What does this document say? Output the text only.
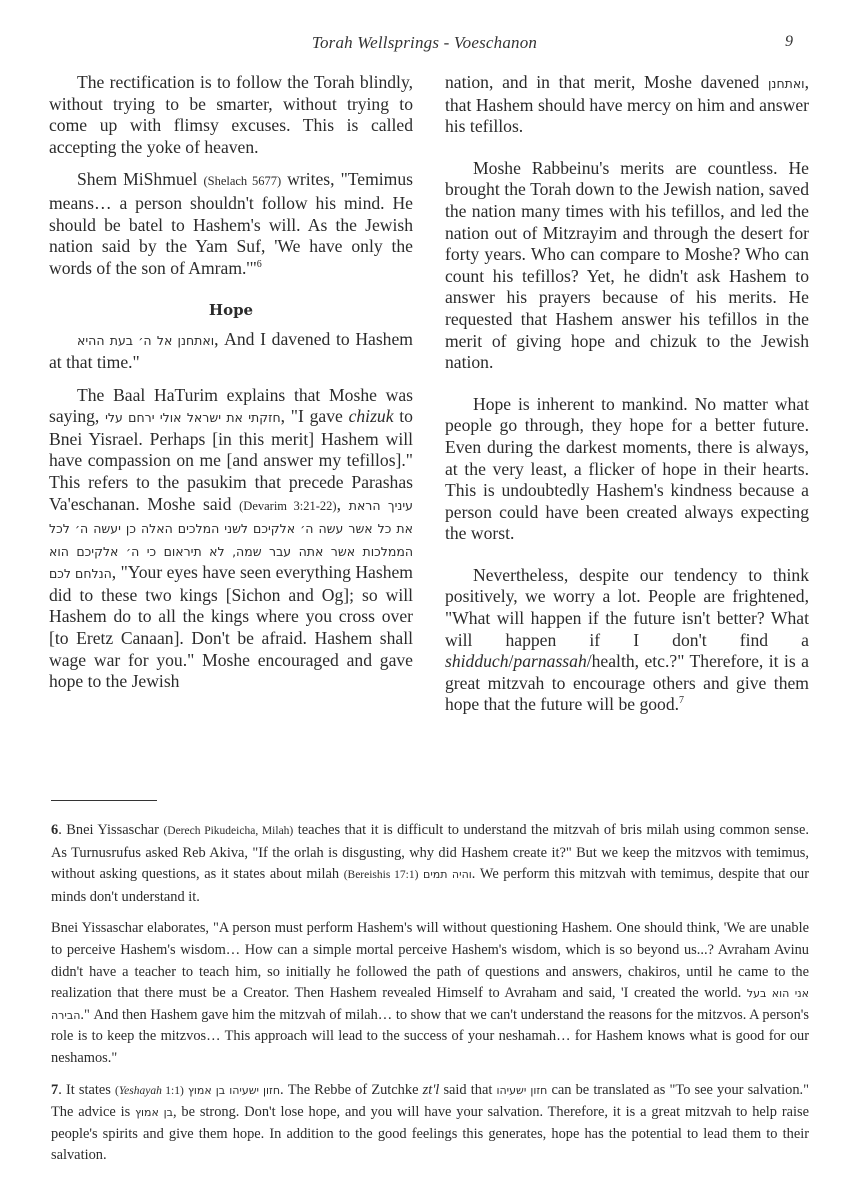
Torah Wellsprings - Voeschanon	9

The rectification is to follow the Torah blindly, without trying to be smarter, without trying to come up with flimsy excuses. This is called accepting the yoke of heaven.

Shem MiShmuel (Shelach 5677) writes, "Temimus means… a person shouldn't follow his mind. He should be batel to Hashem's will. As the Jewish nation said by the Yam Suf, 'We have only the words of the son of Amram.'"$^6$

Hope

ואתחנן אל ה׳ בעת ההיא, And I davened to Hashem at that time."

The Baal HaTurim explains that Moshe was saying, חזקתי את ישראל אולי ירחם עלי, "I gave chizuk to Bnei Yisrael. Perhaps [in this merit] Hashem will have compassion on me [and answer my tefillos]." This refers to the pasukim that precede Parashas Va'eschanan. Moshe said (Devarim 3:21-22), עיניך הראת את כל אשר עשה ה׳ אלקיכם לשני המלכים האלה כן יעשה ה׳ לכל הממלכות אשר אתה עבר שמה, לא תיראום כי ה׳ אלקיכם הוא הנלחם לכם, "Your eyes have seen everything Hashem did to these two kings [Sichon and Og]; so will Hashem do to all the kings where you cross over [to Eretz Canaan]. Don't be afraid. Hashem shall wage war for you." Moshe encouraged and gave hope to the Jewish

nation, and in that merit, Moshe davened ואתחנן, that Hashem should have mercy on him and answer his tefillos.

Moshe Rabbeinu's merits are countless. He brought the Torah down to the Jewish nation, saved the nation many times with his tefillos, and led the nation out of Mitzrayim and through the desert for forty years. Who can compare to Moshe? Who can count his tefillos? Yet, he didn't ask Hashem to answer his prayers because of his merits. He requested that Hashem answer his tefillos in the merit of giving hope and chizuk to the Jewish nation.

Hope is inherent to mankind. No matter what people go through, they hope for a better future. Even during the darkest moments, there is always, at the very least, a flicker of hope in their hearts. This is undoubtedly Hashem's kindness because a person could have been created always expecting the worst.

Nevertheless, despite our tendency to think positively, we worry a lot. People are frightened, "What will happen if the future isn't better? What will happen if I don't find a shidduch/parnassah/health, etc.?" Therefore, it is a great mitzvah to encourage others and give them hope that the future will be good.$^7$

6. Bnei Yissaschar (Derech Pikudeicha, Milah) teaches that it is difficult to understand the mitzvah of bris milah using common sense. As Turnusrufus asked Reb Akiva, "If the orlah is disgusting, why did Hashem create it?" But we keep the mitzvos with temimus, without asking questions, as it states about milah (Bereishis 17:1) והיה תמים. We perform this mitzvah with temimus, despite that our minds don't understand it.

Bnei Yissaschar elaborates, "A person must perform Hashem's will without questioning Hashem. One should think, 'We are unable to perceive Hashem's wisdom… How can a simple mortal perceive Hashem's wisdom, which is so beyond us...? Avraham Avinu didn't have a teacher to teach him, so initially he followed the path of questions and answers, chakiros, until he came to the realization that there must be a Creator. Then Hashem revealed Himself to Avraham and said, 'I created the world. אני הוא בעל הבירה." And then Hashem gave him the mitzvah of milah… to show that we can't understand the reasons for the mitzvos. A person's role is to keep the mitzvos… This approach will lead to the success of your neshamah… for Hashem knows what is good for our neshamos."

7. It states (Yeshayah 1:1) חזון ישעיהו בן אמוץ. The Rebbe of Zutchke zt'l said that חזון ישעיהו can be translated as "To see your salvation." The advice is בן אמוץ, be strong. Don't lose hope, and you will have your salvation. Therefore, it is a great mitzvah to help raise people's spirits and give them hope. In addition to the good feelings this generates, hope has the potential to lead them to their salvation.
